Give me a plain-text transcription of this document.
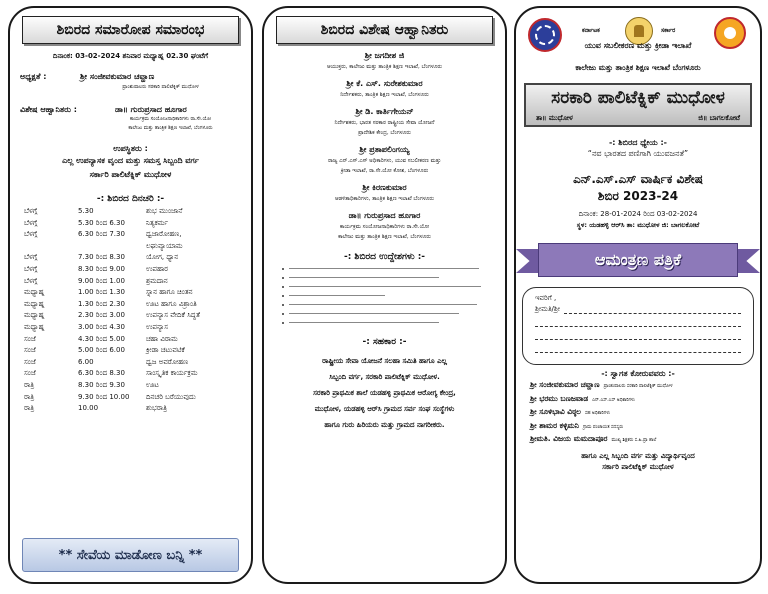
ಶಿಬಿರದ ಸಮಾರೋಪ ಸಮಾರಂಭ
ದಿನಾಂಕ: 03-02-2024 ಶನಿವಾರ ಮಧ್ಯಾಹ್ನ 02.30 ಘಂಟೆಗೆ
ಅಧ್ಯಕ್ಷತೆ :	ಶ್ರೀ ಸಂಜೀವಕುಮಾರ ಚವ್ಹಾಣ
ಪ್ರಾಂಶುಪಾಲರು ಸರಕಾರಿ ಪಾಲಿಟೆಕ್ನಿಕ್ ಮುಧೋಳ
ವಿಶೇಷ ಆಹ್ವಾನಿತರು :	ಡಾ॥ ಗುರುಪ್ರಸಾದ ಹೂಗಾರ
ಕಾರ್ಯಕ್ರಮ ಸಂಯೋಜನಾಧಿಕಾರಿಗಳು ರಾ.ಸೇ.ಯೋ
ಕಾಲೇಜು ಮತ್ತು ತಾಂತ್ರಿಕ ಶಿಕ್ಷಣ ಇಲಾಖೆ, ಬೆಂಗಳೂರು
ಉಪಸ್ಥಿತರು :
ಎಲ್ಲ ಉಪನ್ಯಾಸಕ ವೃಂದ ಮತ್ತು ಸಮಸ್ತ ಸಿಬ್ಬಂದಿ ವರ್ಗ
ಸರ್ಕಾರಿ ಪಾಲಿಟೆಕ್ನಿಕ್ ಮುಧೋಳ
-: ಶಿಬಿರದ ದಿನಚರಿ :-
ಬೆಳಗ್ಗೆ	5.30	ಶುಭ ಮುಂಜಾನೆ
ಬೆಳಗ್ಗೆ	5.30 ರಿಂದ 6.30	ನಿತ್ಯಕರ್ಮ
ಬೆಳಗ್ಗೆ	6.30 ರಿಂದ 7.30	ಧ್ವಜಾರೋಹಣ,
ಲಘುವ್ಯಾಯಾಮ
ಬೆಳಗ್ಗೆ	7.30 ರಿಂದ 8.30	ಯೋಗ, ಧ್ಯಾನ
ಬೆಳಗ್ಗೆ	8.30 ರಿಂದ 9.00	ಉಪಹಾರ
ಬೆಳಗ್ಗೆ	9.00 ರಿಂದ 1.00	ಶ್ರಮದಾನ
ಮಧ್ಯಾಹ್ನ	1.00 ರಿಂದ 1.30	ಸ್ನಾನ ಹಾಗೂ ಚಿಂತನ
ಮಧ್ಯಾಹ್ನ	1.30 ರಿಂದ 2.30	ಊಟ ಹಾಗೂ ವಿಶ್ರಾಂತಿ
ಮಧ್ಯಾಹ್ನ	2.30 ರಿಂದ 3.00	ಉಪನ್ಯಾಸ ವೇದಿಕೆ ಸಿದ್ಧತೆ
ಮಧ್ಯಾಹ್ನ	3.00 ರಿಂದ 4.30	ಉಪನ್ಯಾಸ
ಸಂಜೆ	4.30 ರಿಂದ 5.00	ಚಹಾ ವಿರಾಮ
ಸಂಜೆ	5.00 ರಿಂದ 6.00	ಕ್ರೀಡಾ ಚಟುವಟಿಕೆ
ಸಂಜೆ	6.00	ಧ್ವಜ ಅವರೋಹಣ
ಸಂಜೆ	6.30 ರಿಂದ 8.30	ಸಾಂಸ್ಕೃತಿಕ ಕಾರ್ಯಕ್ರಮ
ರಾತ್ರಿ	8.30 ರಿಂದ 9.30	ಊಟ
ರಾತ್ರಿ	9.30 ರಿಂದ 10.00	ದಿನಚರಿ ಬರೆಯುವುದು
ರಾತ್ರಿ	10.00	ಶುಭರಾತ್ರಿ
** ಸೇವೆಯ ಮಾಡೋಣ ಬನ್ನಿ **
ಶಿಬಿರದ ವಿಶೇಷ ಆಹ್ವಾನಿತರು
ಶ್ರೀ ಜಗದೀಶ ಜಿ
ಆಯುಕ್ತರು, ಕಾಲೇಜು ಮತ್ತು ತಾಂತ್ರಿಕ ಶಿಕ್ಷಣ ಇಲಾಖೆ, ಬೆಂಗಳೂರು
ಶ್ರೀ ಕೆ. ಎಸ್. ಸುರೇಶಕುಮಾರ
ನಿರ್ದೇಶಕರು, ತಾಂತ್ರಿಕ ಶಿಕ್ಷಣ ಇಲಾಖೆ, ಬೆಂಗಳೂರು
ಶ್ರೀ ಡಿ. ಕಾರ್ತಿಗೇಯನ್
ನಿರ್ದೇಶಕರು, ಭಾರತ ಸರಕಾರ ರಾಷ್ಟ್ರೀಯ ಸೇವಾ ಯೋಜನೆ
ಪ್ರಾದೇಶಿಕ ಕೇಂದ್ರ, ಬೆಂಗಳೂರು
ಶ್ರೀ ಪ್ರತಾಪಲಿಂಗಯ್ಯ
ರಾಜ್ಯ ಎನ್.ಎಸ್.ಎಸ್ ಅಧಿಕಾರಿಗಳು, ಯುವ ಸಬಲೀಕರಣ ಮತ್ತು
ಕ್ರೀಡಾ ಇಲಾಖೆ, ರಾ.ಸೇ.ಯೋ ಕೋಶ, ಬೆಂಗಳೂರು
ಶ್ರೀ ಕಿರಣಕುಮಾರ
ಆಡಳಿತಾಧಿಕಾರಿಗಳು, ತಾಂತ್ರಿಕ ಶಿಕ್ಷಣ ಇಲಾಖೆ ಬೆಂಗಳೂರು
ಡಾ॥ ಗುರುಪ್ರಸಾದ ಹೂಗಾರ
ಕಾರ್ಯಕ್ರಮ ಸಂಯೋಜನಾಧಿಕಾರಿಗಳು ರಾ.ಸೇ.ಯೋ
ಕಾಲೇಜು ಮತ್ತು ತಾಂತ್ರಿಕ ಶಿಕ್ಷಣ ಇಲಾಖೆ, ಬೆಂಗಳೂರು
-: ಶಿಬಿರದ ಉದ್ದೇಶಗಳು :-
-: ಸಹಕಾರ :-
ರಾಷ್ಟ್ರೀಯ ಸೇವಾ ಯೋಜನೆ ಸಲಹಾ ಸಮಿತಿ ಹಾಗೂ ಎಲ್ಲ
ಸಿಬ್ಬಂದಿ ವರ್ಗ, ಸರಕಾರಿ ಪಾಲಿಟೆಕ್ನಿಕ್ ಮುಧೋಳ.
ಸರಕಾರಿ ಪ್ರಾಥಮಿಕ ಶಾಲೆ ಯಡಹಳ್ಳಿ ಪ್ರಾಥಮಿಕ ಆರೋಗ್ಯ ಕೇಂದ್ರ,
ಮುಧೋಳ, ಯಡಹಳ್ಳಿ ಆರ್‌ಸಿ ಗ್ರಾಮದ ಸರ್ವ ಸಂಘ ಸಂಸ್ಥೆಗಳು
ಹಾಗೂ ಗುರು ಹಿರಿಯರು ಮತ್ತು ಗ್ರಾಮದ ನಾಗರೀಕರು.
ಕರ್ನಾಟಕ	ಸರ್ಕಾರ
ಯುವ ಸಬಲೀಕರಣ ಮತ್ತು ಕ್ರೀಡಾ ಇಲಾಖೆ
ಕಾಲೇಜು ಮತ್ತು ತಾಂತ್ರಿಕ ಶಿಕ್ಷಣ ಇಲಾಖೆ ಬೆಂಗಳೂರು
ಸರಕಾರಿ ಪಾಲಿಟೆಕ್ನಿಕ್ ಮುಧೋಳ
ತಾ॥ ಮುಧೋಳ	ಜಿ॥ ಬಾಗಲಕೋಟೆ
-: ಶಿಬಿರದ ಧ್ಯೇಯ :-
“ನವ ಭಾರತದ ಪಣಿಗಾಗಿ ಯುವಜನತೆ”
ಎನ್.ಎಸ್.ಎಸ್ ವಾರ್ಷಿಕ ವಿಶೇಷ
ಶಿಬಿರ 2023-24
ದಿನಾಂಕ: 28-01-2024 ರಿಂದ 03-02-2024
ಸ್ಥಳ: ಯಡಹಳ್ಳಿ ಆರ್‌ಸಿ ತಾ: ಮುಧೋಳ ಜಿ: ಬಾಗಲಕೋಟೆ
ಆಮಂತ್ರಣ ಪತ್ರಿಕೆ
ಇವರಿಗೆ ,
ಶ್ರೀಮತಿ/ಶ್ರೀ
-: ಸ್ವಾಗತ ಕೋರುವವರು :-
ಶ್ರೀ ಸಂಜೀವಕುಮಾರ ಚವ್ಹಾಣ ಪ್ರಾಂಶುಪಾಲರು ಸರಕಾರಿ ಪಾಲಿಟೆಕ್ನಿಕ್ ಮುಧೋಳ
ಶ್ರೀ ಭರಮು ಬಣಜವಾಡ ಎನ್.ಎಸ್.ಎಸ್ ಅಧಿಕಾರಿಗಳು
ಶ್ರೀ ಸೂಳಿಭಾವಿ ವಿಠ್ಠಲ ಸಹ ಅಧಿಕಾರಿಗಳು
ಶ್ರೀ ಶಾಮರ ಕಳ್ಳಿಮನಿ ಗ್ರಾಮ ಪಂಚಾಯತ ಸದಸ್ಯರು
ಶ್ರೀಮತಿ. ವಿಜಯ ಮಮದಾಪೂರ ಮುಖ್ಯ ಶಿಕ್ಷಕರು ಸ.ಹಿ.ಪ್ರಾ ಶಾಲೆ
ಹಾಗೂ ಎಲ್ಲ ಸಿಬ್ಬಂದಿ ವರ್ಗ ಮತ್ತು ವಿದ್ಯಾರ್ಥಿವೃಂದ
ಸರ್ಕಾರಿ ಪಾಲಿಟೆಕ್ನಿಕ್ ಮುಧೋಳ
